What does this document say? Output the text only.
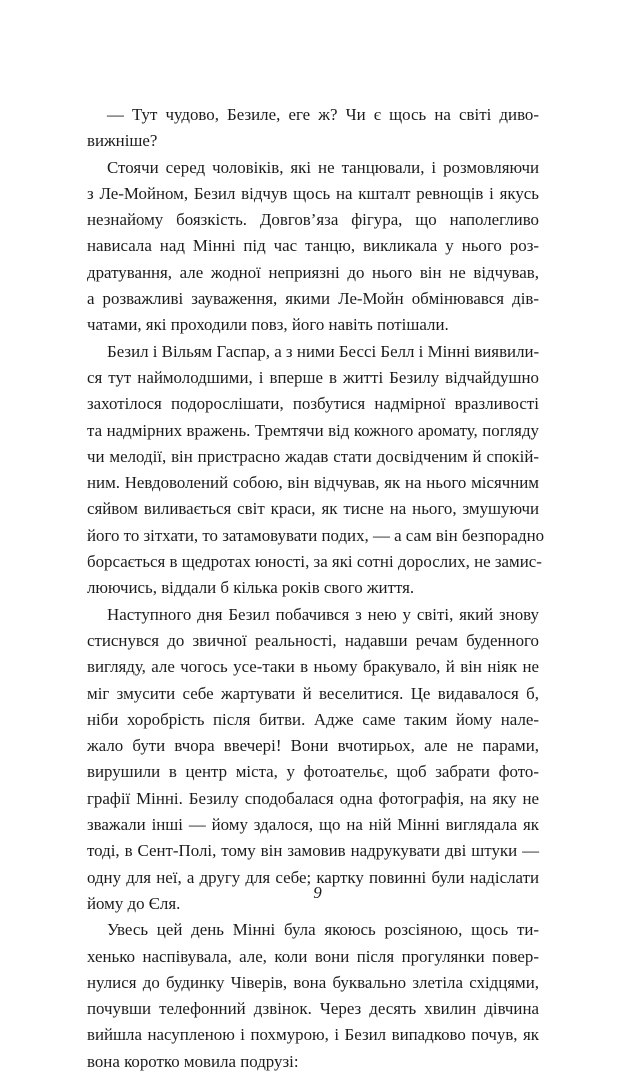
— Тут чудово, Безиле, еге ж? Чи є щось на світі диво-
вижніше?
Стоячи серед чоловіків, які не танцювали, і розмовляючи
з Ле-Мойном, Безил відчув щось на кшталт ревнощів і якусь
незнайому боязкість. Довгов’яза фігура, що наполегливо
нависала над Мінні під час танцю, викликала у нього роз-
дратування, але жодної неприязні до нього він не відчував,
а розважливі зауваження, якими Ле-Мойн обмінювався дів-
чатами, які проходили повз, його навіть потішали.
Безил і Вільям Гаспар, а з ними Бессі Белл і Мінні виявили-
ся тут наймолодшими, і вперше в житті Безилу відчайдушно
захотілося подорослішати, позбутися надмірної вразливості
та надмірних вражень. Тремтячи від кожного аромату, погляду
чи мелодії, він пристрасно жадав стати досвідченим й спокій-
ним. Невдоволений собою, він відчував, як на нього місячним
сяйвом виливається світ краси, як тисне на нього, змушуючи
його то зітхати, то затамовувати подих, — а сам він безпорадно
борсається в щедротах юності, за які сотні дорослих, не замис-
люючись, віддали б кілька років свого життя.
Наступного дня Безил побачився з нею у світі, який знову
стиснувся до звичної реальності, надавши речам буденного
вигляду, але чогось усе-таки в ньому бракувало, й він ніяк не
міг змусити себе жартувати й веселитися. Це видавалося б,
ніби хоробрість після битви. Адже саме таким йому нале-
жало бути вчора ввечері! Вони вчотирьох, але не парами,
вирушили в центр міста, у фотоательє, щоб забрати фото-
графії Мінні. Безилу сподобалася одна фотографія, на яку не
зважали інші — йому здалося, що на ній Мінні виглядала як
тоді, в Сент-Полі, тому він замовив надрукувати дві штуки —
одну для неї, а другу для себе; картку повинні були надіслати
йому до Єля.
Увесь цей день Мінні була якоюсь розсіяною, щось ти-
хенько наспівувала, але, коли вони після прогулянки повер-
нулися до будинку Чіверів, вона буквально злетіла східцями,
почувши телефонний дзвінок. Через десять хвилин дівчина
вийшла насупленою і похмурою, і Безил випадково почув, як
вона коротко мовила подрузі:
9
